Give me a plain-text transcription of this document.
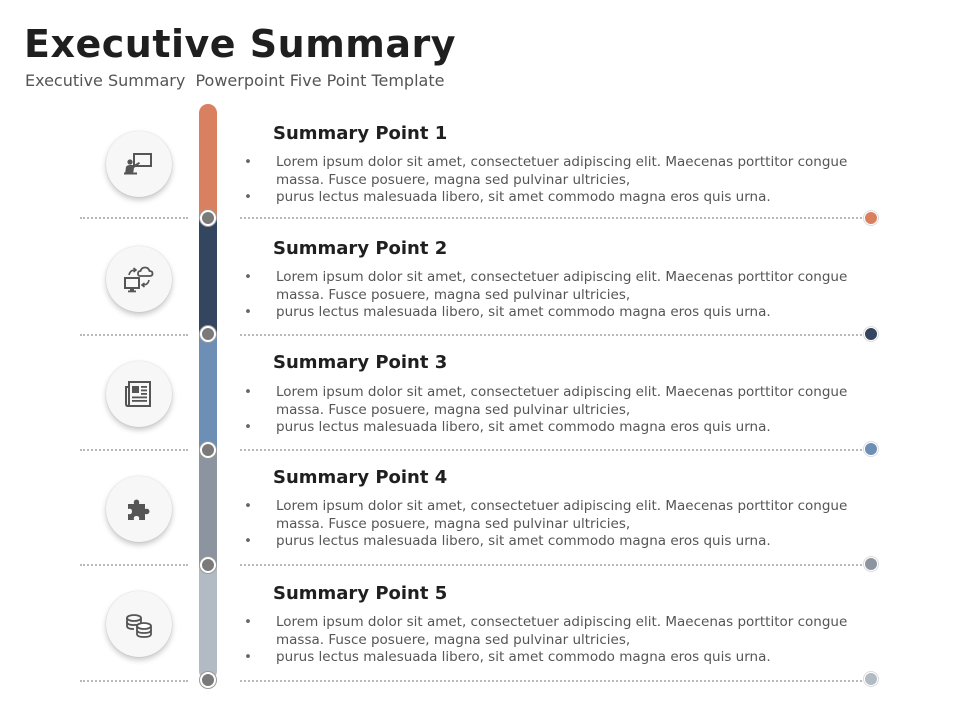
Executive Summary
Executive Summary  Powerpoint Five Point Template
Summary Point 1
• Lorem ipsum dolor sit amet, consectetuer adipiscing elit. Maecenas porttitor congue massa. Fusce posuere, magna sed pulvinar ultricies,
• purus lectus malesuada libero, sit amet commodo magna eros quis urna.
Summary Point 2
• Lorem ipsum dolor sit amet, consectetuer adipiscing elit. Maecenas porttitor congue massa. Fusce posuere, magna sed pulvinar ultricies,
• purus lectus malesuada libero, sit amet commodo magna eros quis urna.
Summary Point 3
• Lorem ipsum dolor sit amet, consectetuer adipiscing elit. Maecenas porttitor congue massa. Fusce posuere, magna sed pulvinar ultricies,
• purus lectus malesuada libero, sit amet commodo magna eros quis urna.
Summary Point 4
• Lorem ipsum dolor sit amet, consectetuer adipiscing elit. Maecenas porttitor congue massa. Fusce posuere, magna sed pulvinar ultricies,
• purus lectus malesuada libero, sit amet commodo magna eros quis urna.
Summary Point 5
• Lorem ipsum dolor sit amet, consectetuer adipiscing elit. Maecenas porttitor congue massa. Fusce posuere, magna sed pulvinar ultricies,
• purus lectus malesuada libero, sit amet commodo magna eros quis urna.
